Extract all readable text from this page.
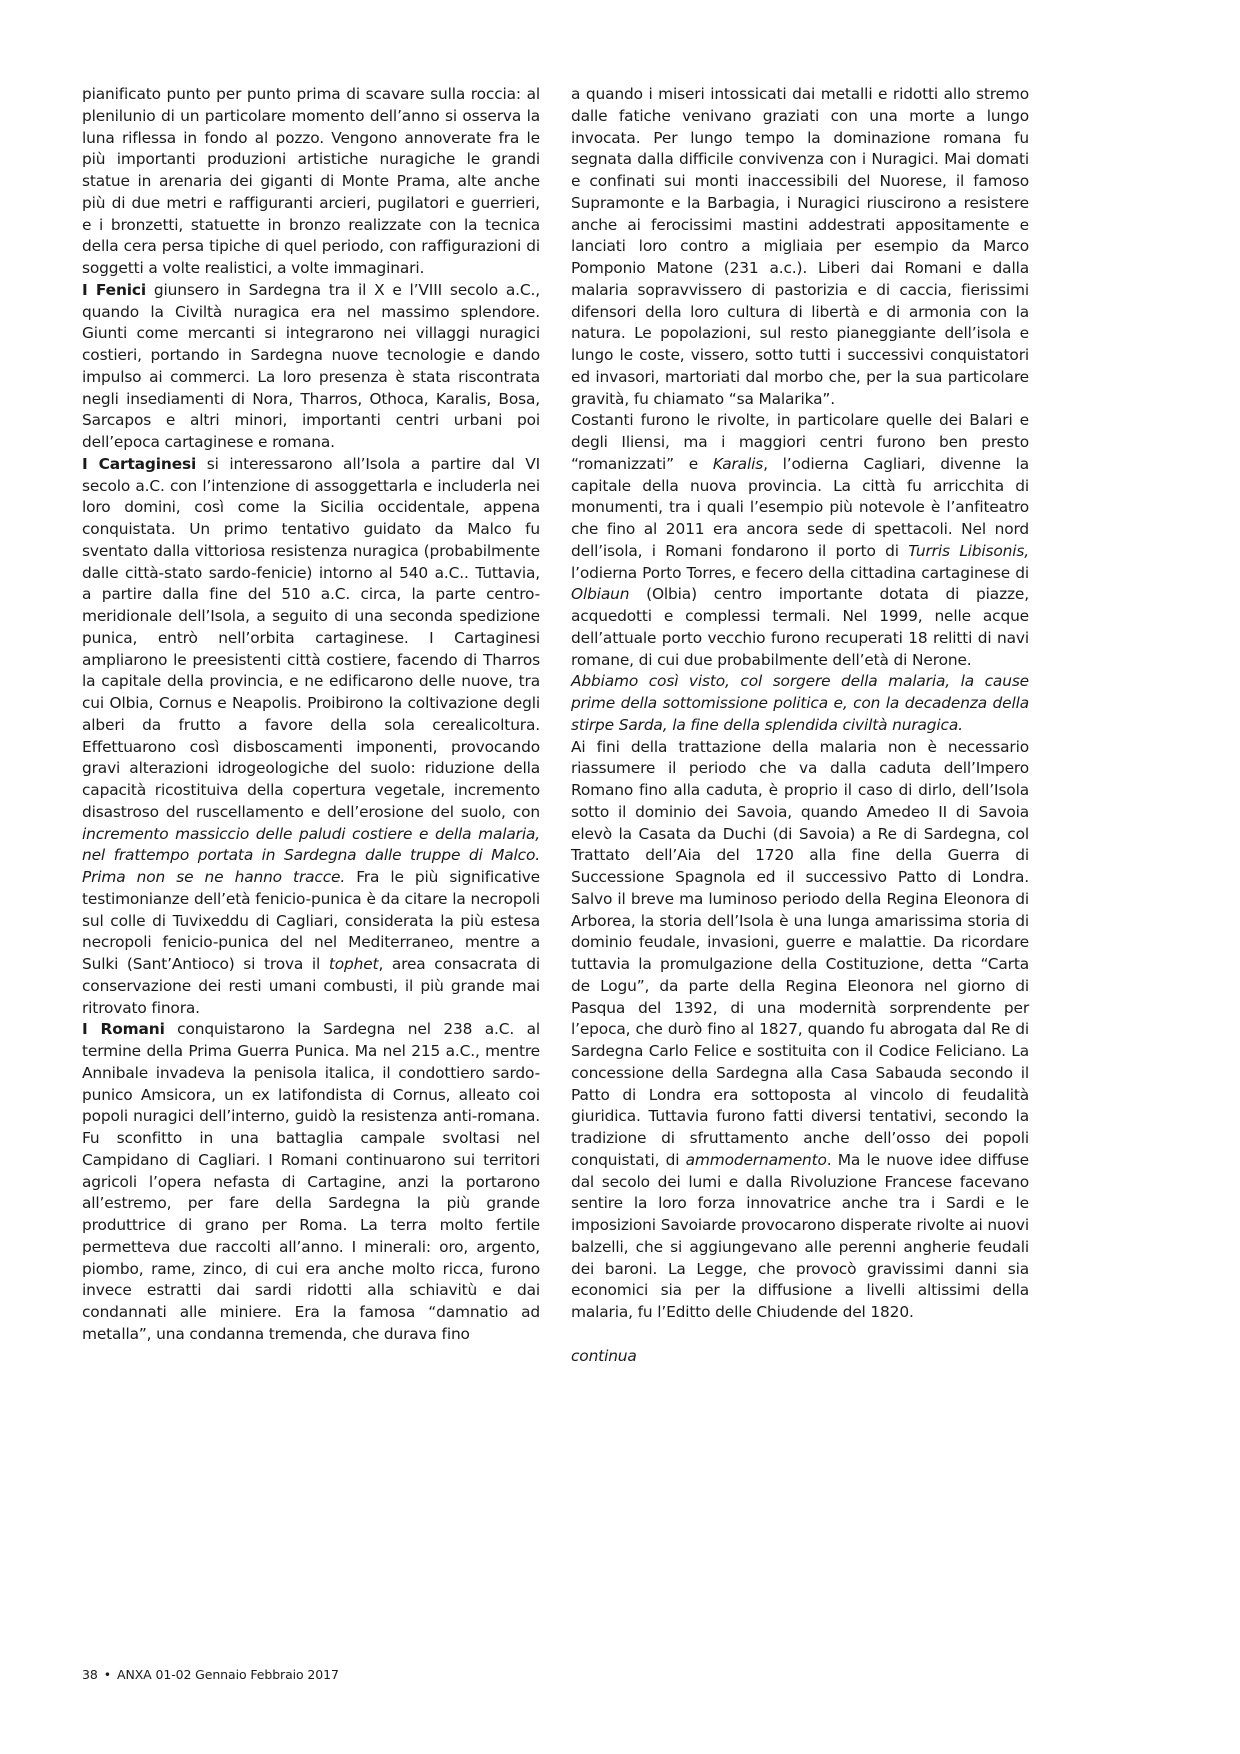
pianificato punto per punto prima di scavare sulla roccia: al plenilunio di un particolare momento dell’anno si osserva la luna riflessa in fondo al pozzo. Vengono annoverate fra le più importanti produzioni artistiche nuragiche le grandi statue in arenaria dei giganti di Monte Prama, alte anche più di due metri e raffiguranti arcieri, pugilatori e guerrieri, e i bronzetti, statuette in bronzo realizzate con la tecnica della cera persa tipiche di quel periodo, con raffigurazioni di soggetti a volte realistici, a volte immaginari.

I Fenici giunsero in Sardegna tra il X e l’VIII secolo a.C., quando la Civiltà nuragica era nel massimo splendore. Giunti come mercanti si integrarono nei villaggi nuragici costieri, portando in Sardegna nuove tecnologie e dando impulso ai commerci. La loro presenza è stata riscontrata negli insediamenti di Nora, Tharros, Othoca, Karalis, Bosa, Sarcapos e altri minori, importanti centri urbani poi dell’epoca cartaginese e romana.

I Cartaginesi si interessarono all’Isola a partire dal VI secolo a.C. con l’intenzione di assoggettarla e includerla nei loro domini, così come la Sicilia occidentale, appena conquistata. Un primo tentativo guidato da Malco fu sventato dalla vittoriosa resistenza nuragica (probabilmente dalle città-stato sardo-fenicie) intorno al 540 a.C.. Tuttavia, a partire dalla fine del 510 a.C. circa, la parte centro-meridionale dell’Isola, a seguito di una seconda spedizione punica, entrò nell’orbita cartaginese. I Cartaginesi ampliarono le preesistenti città costiere, facendo di Tharros la capitale della provincia, e ne edificarono delle nuove, tra cui Olbia, Cornus e Neapolis. Proibirono la coltivazione degli alberi da frutto a favore della sola cerealicoltura. Effettuarono così disboscamenti imponenti, provocando gravi alterazioni idrogeologiche del suolo: riduzione della capacità ricostituiva della copertura vegetale, incremento disastroso del ruscellamento e dell’erosione del suolo, con incremento massiccio delle paludi costiere e della malaria, nel frattempo portata in Sardegna dalle truppe di Malco. Prima non se ne hanno tracce. Fra le più significative testimonianze dell’età fenicio-punica è da citare la necropoli sul colle di Tuvixeddu di Cagliari, considerata la più estesa necropoli fenicio-punica del nel Mediterraneo, mentre a Sulki (Sant’Antioco) si trova il tophet, area consacrata di conservazione dei resti umani combusti, il più grande mai ritrovato finora.

I Romani conquistarono la Sardegna nel 238 a.C. al termine della Prima Guerra Punica. Ma nel 215 a.C., mentre Annibale invadeva la penisola italica, il condottiero sardo-punico Amsicora, un ex latifondista di Cornus, alleato coi popoli nuragici dell’interno, guidò la resistenza anti-romana. Fu sconfitto in una battaglia campale svoltasi nel Campidano di Cagliari. I Romani continuarono sui territori agricoli l’opera nefasta di Cartagine, anzi la portarono all’estremo, per fare della Sardegna la più grande produttrice di grano per Roma. La terra molto fertile permetteva due raccolti all’anno. I minerali: oro, argento, piombo, rame, zinco, di cui era anche molto ricca, furono invece estratti dai sardi ridotti alla schiavitù e dai condannati alle miniere. Era la famosa “damnatio ad metalla”, una condanna tremenda, che durava fino

a quando i miseri intossicati dai metalli e ridotti allo stremo dalle fatiche venivano graziati con una morte a lungo invocata. Per lungo tempo la dominazione romana fu segnata dalla difficile convivenza con i Nuragici. Mai domati e confinati sui monti inaccessibili del Nuorese, il famoso Supramonte e la Barbagia, i Nuragici riuscirono a resistere anche ai ferocissimi mastini addestrati appositamente e lanciati loro contro a migliaia per esempio da Marco Pomponio Matone (231 a.c.). Liberi dai Romani e dalla malaria sopravvissero di pastorizia e di caccia, fierissimi difensori della loro cultura di libertà e di armonia con la natura. Le popolazioni, sul resto pianeggiante dell’isola e lungo le coste, vissero, sotto tutti i successivi conquistatori ed invasori, martoriati dal morbo che, per la sua particolare gravità, fu chiamato “sa Malarika”.

Costanti furono le rivolte, in particolare quelle dei Balari e degli Iliensi, ma i maggiori centri furono ben presto “romanizzati” e Karalis, l’odierna Cagliari, divenne la capitale della nuova provincia. La città fu arricchita di monumenti, tra i quali l’esempio più notevole è l’anfiteatro che fino al 2011 era ancora sede di spettacoli. Nel nord dell’isola, i Romani fondarono il porto di Turris Libisonis, l’odierna Porto Torres, e fecero della cittadina cartaginese di Olbiaun (Olbia) centro importante dotata di piazze, acquedotti e complessi termali. Nel 1999, nelle acque dell’attuale porto vecchio furono recuperati 18 relitti di navi romane, di cui due probabilmente dell’età di Nerone.

Abbiamo così visto, col sorgere della malaria, la cause prime della sottomissione politica e, con la decadenza della stirpe Sarda, la fine della splendida civiltà nuragica.

Ai fini della trattazione della malaria non è necessario riassumere il periodo che va dalla caduta dell’Impero Romano fino alla caduta, è proprio il caso di dirlo, dell’Isola sotto il dominio dei Savoia, quando Amedeo II di Savoia elevò la Casata da Duchi (di Savoia) a Re di Sardegna, col Trattato dell’Aia del 1720 alla fine della Guerra di Successione Spagnola ed il successivo Patto di Londra. Salvo il breve ma luminoso periodo della Regina Eleonora di Arborea, la storia dell’Isola è una lunga amarissima storia di dominio feudale, invasioni, guerre e malattie. Da ricordare tuttavia la promulgazione della Costituzione, detta “Carta de Logu”, da parte della Regina Eleonora nel giorno di Pasqua del 1392, di una modernità sorprendente per l’epoca, che durò fino al 1827, quando fu abrogata dal Re di Sardegna Carlo Felice e sostituita con il Codice Feliciano. La concessione della Sardegna alla Casa Sabauda secondo il Patto di Londra era sottoposta al vincolo di feudalità giuridica. Tuttavia furono fatti diversi tentativi, secondo la tradizione di sfruttamento anche dell’osso dei popoli conquistati, di ammodernamento. Ma le nuove idee diffuse dal secolo dei lumi e dalla Rivoluzione Francese facevano sentire la loro forza innovatrice anche tra i Sardi e le imposizioni Savoiarde provocarono disperate rivolte ai nuovi balzelli, che si aggiungevano alle perenni angherie feudali dei baroni. La Legge, che provocò gravissimi danni sia economici sia per la diffusione a livelli altissimi della malaria, fu l’Editto delle Chiudende del 1820.

continua

38 • ANXA 01-02 Gennaio Febbraio 2017
